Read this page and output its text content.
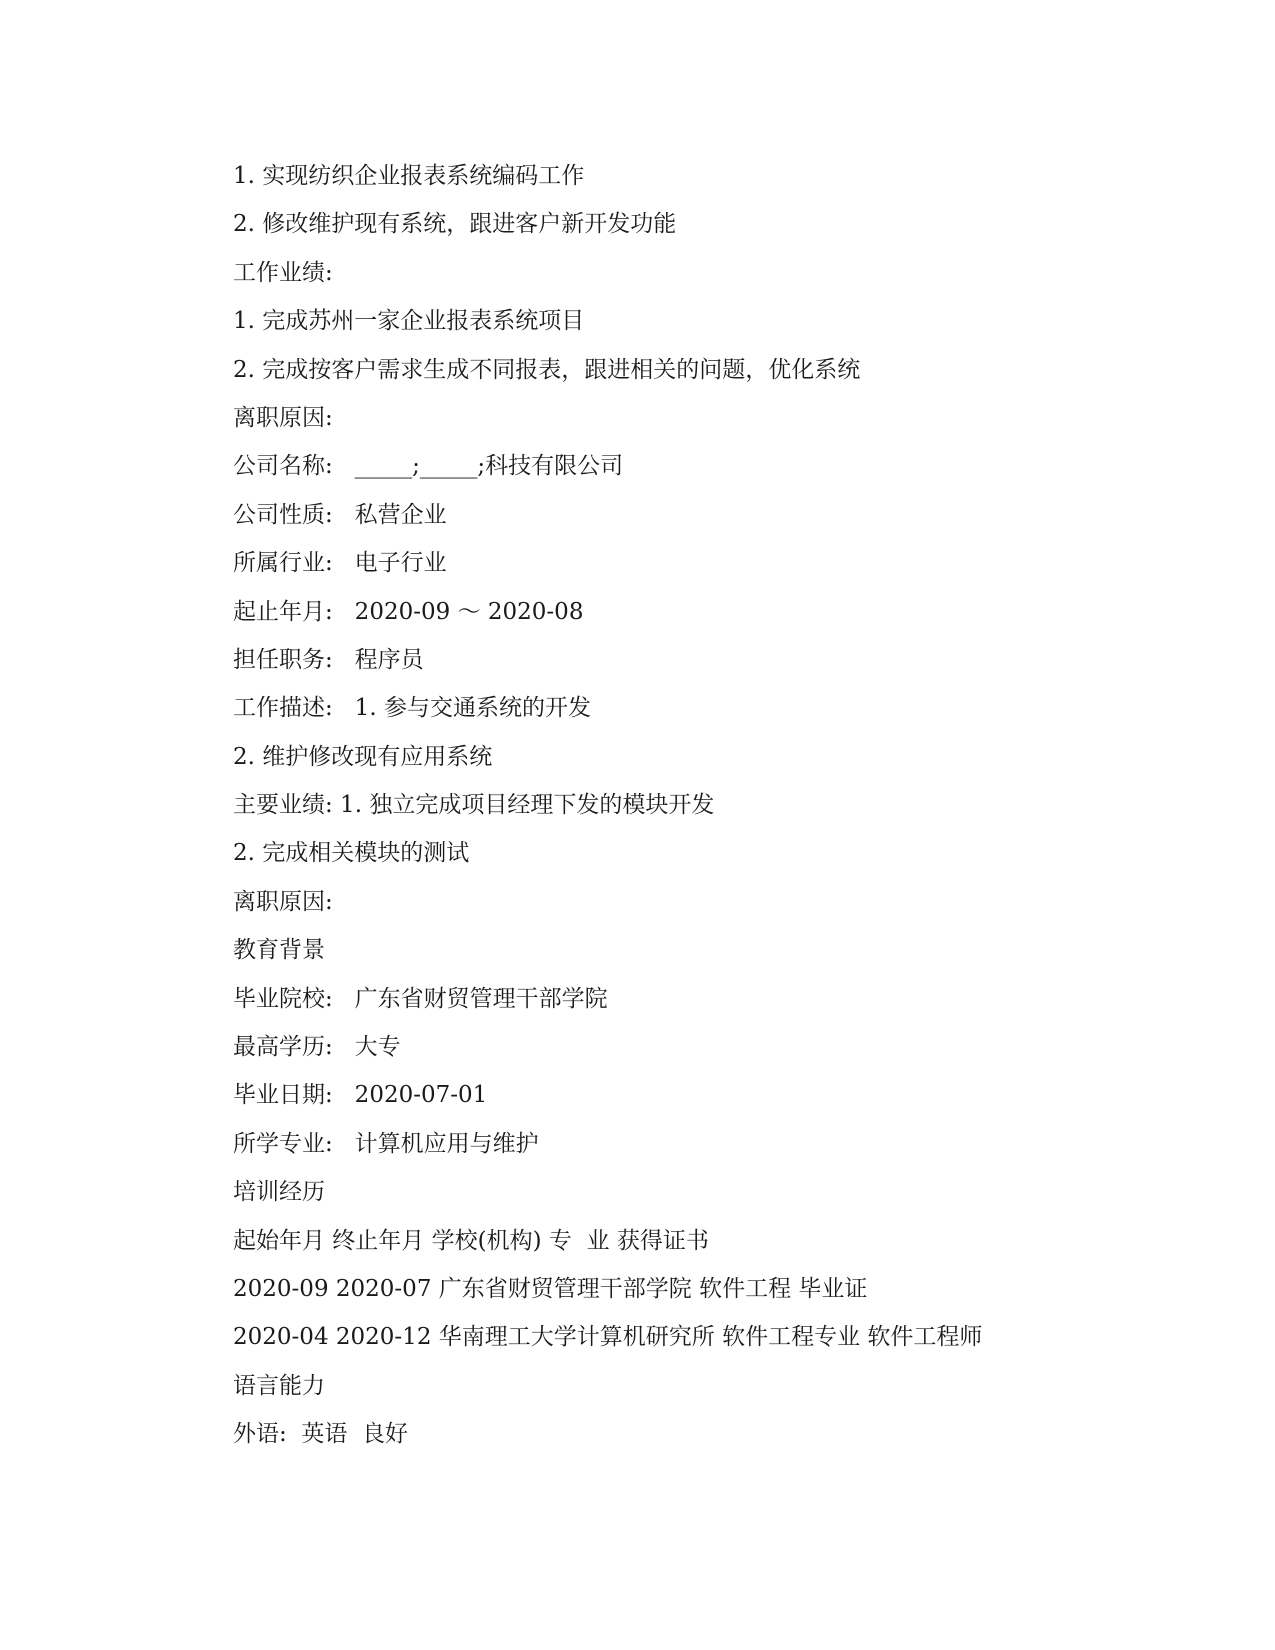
1. 实现纺织企业报表系统编码工作
2. 修改维护现有系统，跟进客户新开发功能
工作业绩:
1. 完成苏州一家企业报表系统项目
2. 完成按客户需求生成不同报表，跟进相关的问题，优化系统
离职原因:
公司名称:   _____;_____;科技有限公司
公司性质:   私营企业
所属行业:   电子行业
起止年月:   2020-09 ～ 2020-08
担任职务:   程序员
工作描述:   1. 参与交通系统的开发
2. 维护修改现有应用系统
主要业绩: 1. 独立完成项目经理下发的模块开发
2. 完成相关模块的测试
离职原因:
教育背景
毕业院校:   广东省财贸管理干部学院
最高学历:   大专
毕业日期:   2020-07-01
所学专业:   计算机应用与维护
培训经历
起始年月 终止年月 学校(机构) 专  业 获得证书
2020-09 2020-07 广东省财贸管理干部学院 软件工程 毕业证
2020-04 2020-12 华南理工大学计算机研究所 软件工程专业 软件工程师
语言能力
外语:  英语  良好
